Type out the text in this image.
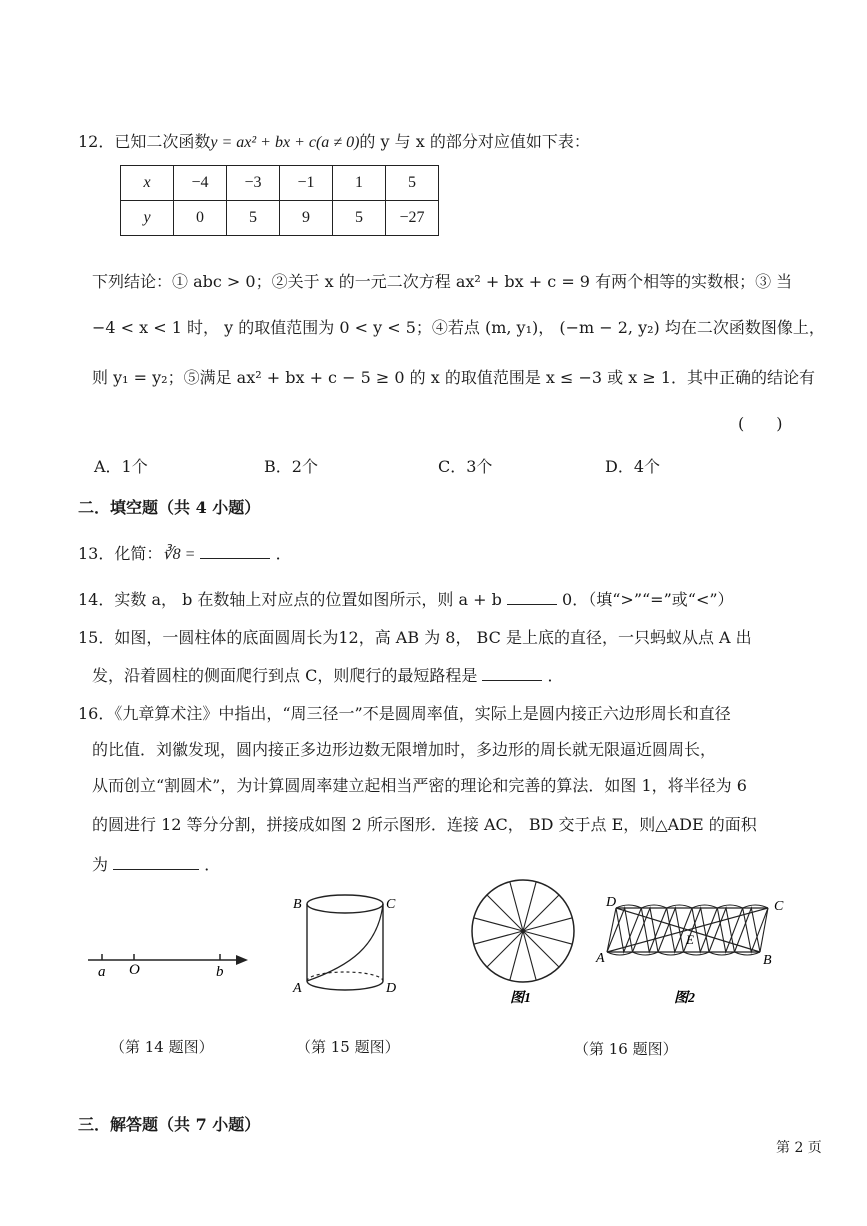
12．已知二次函数y = ax² + bx + c(a ≠ 0)的 y 与 x 的部分对应值如下表：
x	−4	−3	−1	1	5
y	0	5	9	5	−27
下列结论：① abc > 0；②关于 x 的一元二次方程 ax² + bx + c = 9 有两个相等的实数根；③ 当
−4 < x < 1 时， y 的取值范围为 0 < y < 5；④若点 (m, y₁)， (−m − 2, y₂) 均在二次函数图像上，
则 y₁ = y₂；⑤满足 ax² + bx + c − 5 ≥ 0 的 x 的取值范围是 x ≤ −3 或 x ≥ 1．其中正确的结论有
(　　)
A．1个	B．2个	C．3个	D．4个
二．填空题（共 4 小题）
13．化简：∛8 =	．
14．实数 a， b 在数轴上对应点的位置如图所示，则 a + b	0．（填“>”“=”或“<”）
15．如图，一圆柱体的底面圆周长为12，高 AB 为 8， BC 是上底的直径，一只蚂蚁从点 A 出
发，沿着圆柱的侧面爬行到点 C，则爬行的最短路程是	．
16．《九章算术注》中指出，“周三径一”不是圆周率值，实际上是圆内接正六边形周长和直径
的比值．刘徽发现，圆内接正多边形边数无限增加时，多边形的周长就无限逼近圆周长，
从而创立“割圆术”，为计算圆周率建立起相当严密的理论和完善的算法．如图 1，将半径为 6
的圆进行 12 等分分割，拼接成如图 2 所示图形．连接 AC， BD 交于点 E，则△ADE 的面积
为	．
a O	b
B	C
A	D
图1
D	C
A	B
E
图2
（第 14 题图）	（第 15 题图）	（第 16 题图）
三．解答题（共 7 小题）
第 2 页
